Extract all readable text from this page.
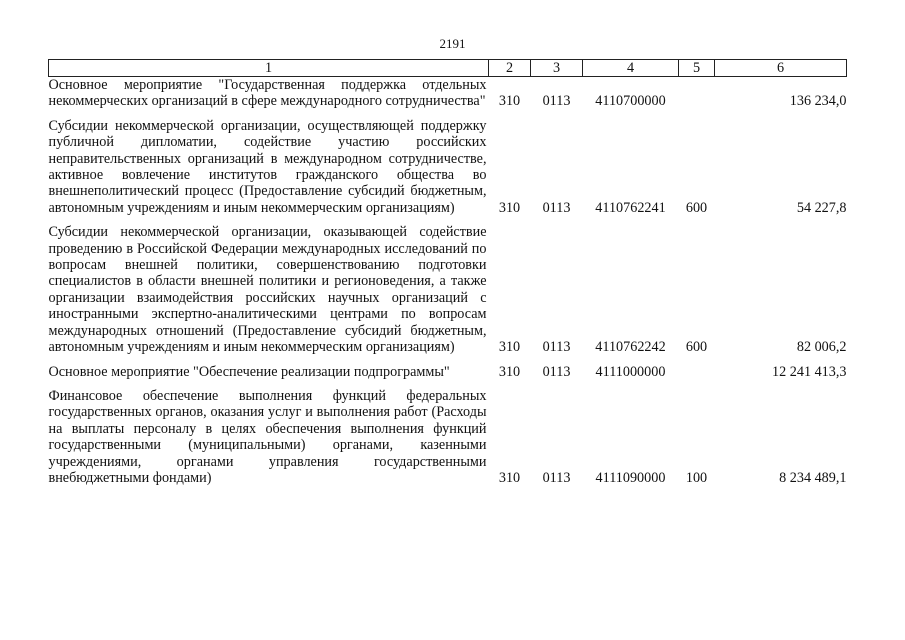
2191
1	2	3	4	5	6
Основное мероприятие "Государственная поддержка отдельных некоммерческих организаций в сфере международного сотрудничества"	310	0113	4110700000		136 234,0

Субсидии некоммерческой организации, осуществляющей поддержку публичной дипломатии, содействие участию российских неправительственных организаций в международном сотрудничестве, активное вовлечение институтов гражданского общества во внешнеполитический процесс (Предоставление субсидий бюджетным, автономным учреждениям и иным некоммерческим организациям)	310	0113	4110762241	600	54 227,8

Субсидии некоммерческой организации, оказывающей содействие проведению в Российской Федерации международных исследований по вопросам внешней политики, совершенствованию подготовки специалистов в области внешней политики и регионоведения, а также организации взаимодействия российских научных организаций с иностранными экспертно-аналитическими центрами по вопросам международных отношений (Предоставление субсидий бюджетным, автономным учреждениям и иным некоммерческим организациям)	310	0113	4110762242	600	82 006,2

Основное мероприятие "Обеспечение реализации подпрограммы"	310	0113	4111000000		12 241 413,3

Финансовое обеспечение выполнения функций федеральных государственных органов, оказания услуг и выполнения работ (Расходы на выплаты персоналу в целях обеспечения выполнения функций государственными (муниципальными) органами, казенными учреждениями, органами управления государственными внебюджетными фондами)	310	0113	4111090000	100	8 234 489,1
